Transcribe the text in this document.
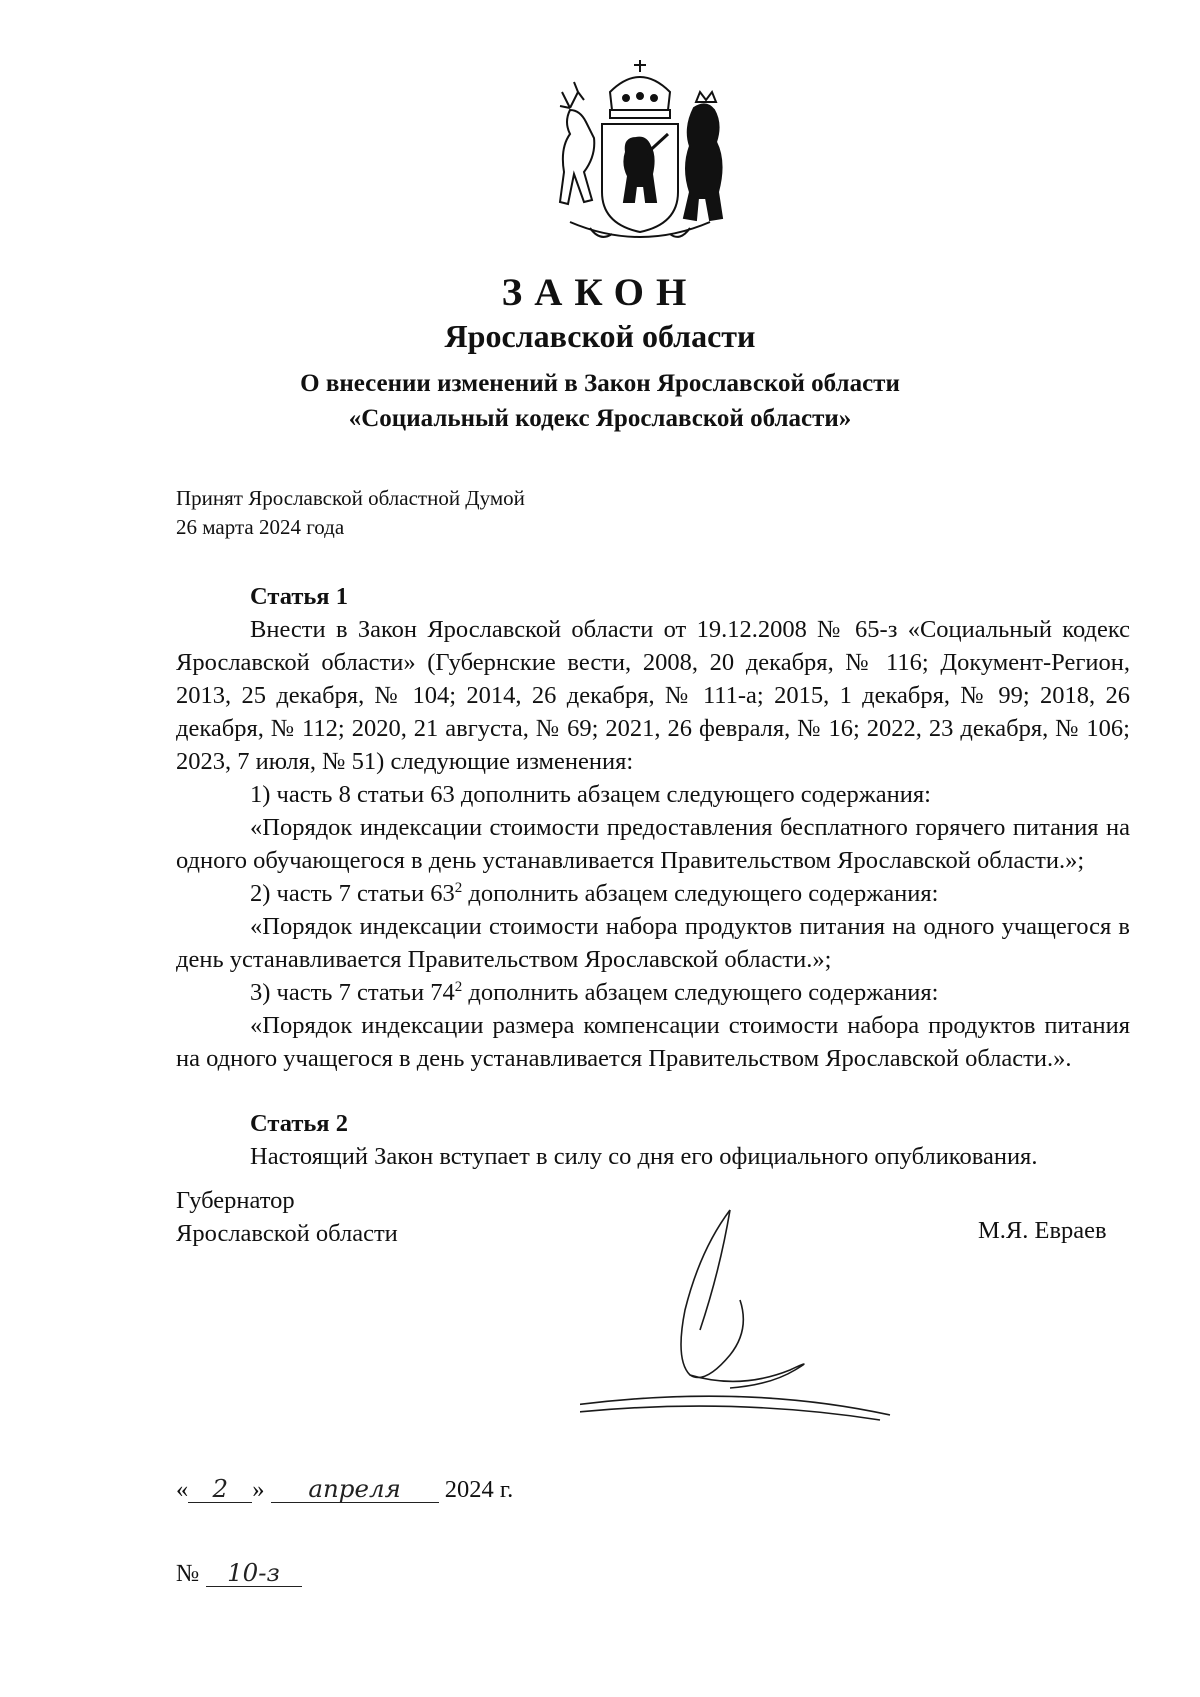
ЗАКОН
Ярославской области
О внесении изменений в Закон Ярославской области
«Социальный кодекс Ярославской области»
Принят Ярославской областной Думой
26 марта 2024 года

Статья 1

Внести в Закон Ярославской области от 19.12.2008 № 65-з «Социальный кодекс Ярославской области» (Губернские вести, 2008, 20 декабря, № 116; Документ-Регион, 2013, 25 декабря, № 104; 2014, 26 декабря, № 111-а; 2015, 1 декабря, № 99; 2018, 26 декабря, № 112; 2020, 21 августа, № 69; 2021, 26 февраля, № 16; 2022, 23 декабря, № 106; 2023, 7 июля, № 51) следующие изменения:

1) часть 8 статьи 63 дополнить абзацем следующего содержания:

«Порядок индексации стоимости предоставления бесплатного горячего питания на одного обучающегося в день устанавливается Правительством Ярославской области.»;

2) часть 7 статьи $63^2$ дополнить абзацем следующего содержания:

«Порядок индексации стоимости набора продуктов питания на одного учащегося в день устанавливается Правительством Ярославской области.»;

3) часть 7 статьи $74^2$ дополнить абзацем следующего содержания:

«Порядок индексации размера компенсации стоимости набора продуктов питания на одного учащегося в день устанавливается Правительством Ярославской области.».

Статья 2

Настоящий Закон вступает в силу со дня его официального опубликования.

Губернатор
Ярославской области	М.Я. Евраев
« 2 » апреля 2024 г.
№ 10-з
